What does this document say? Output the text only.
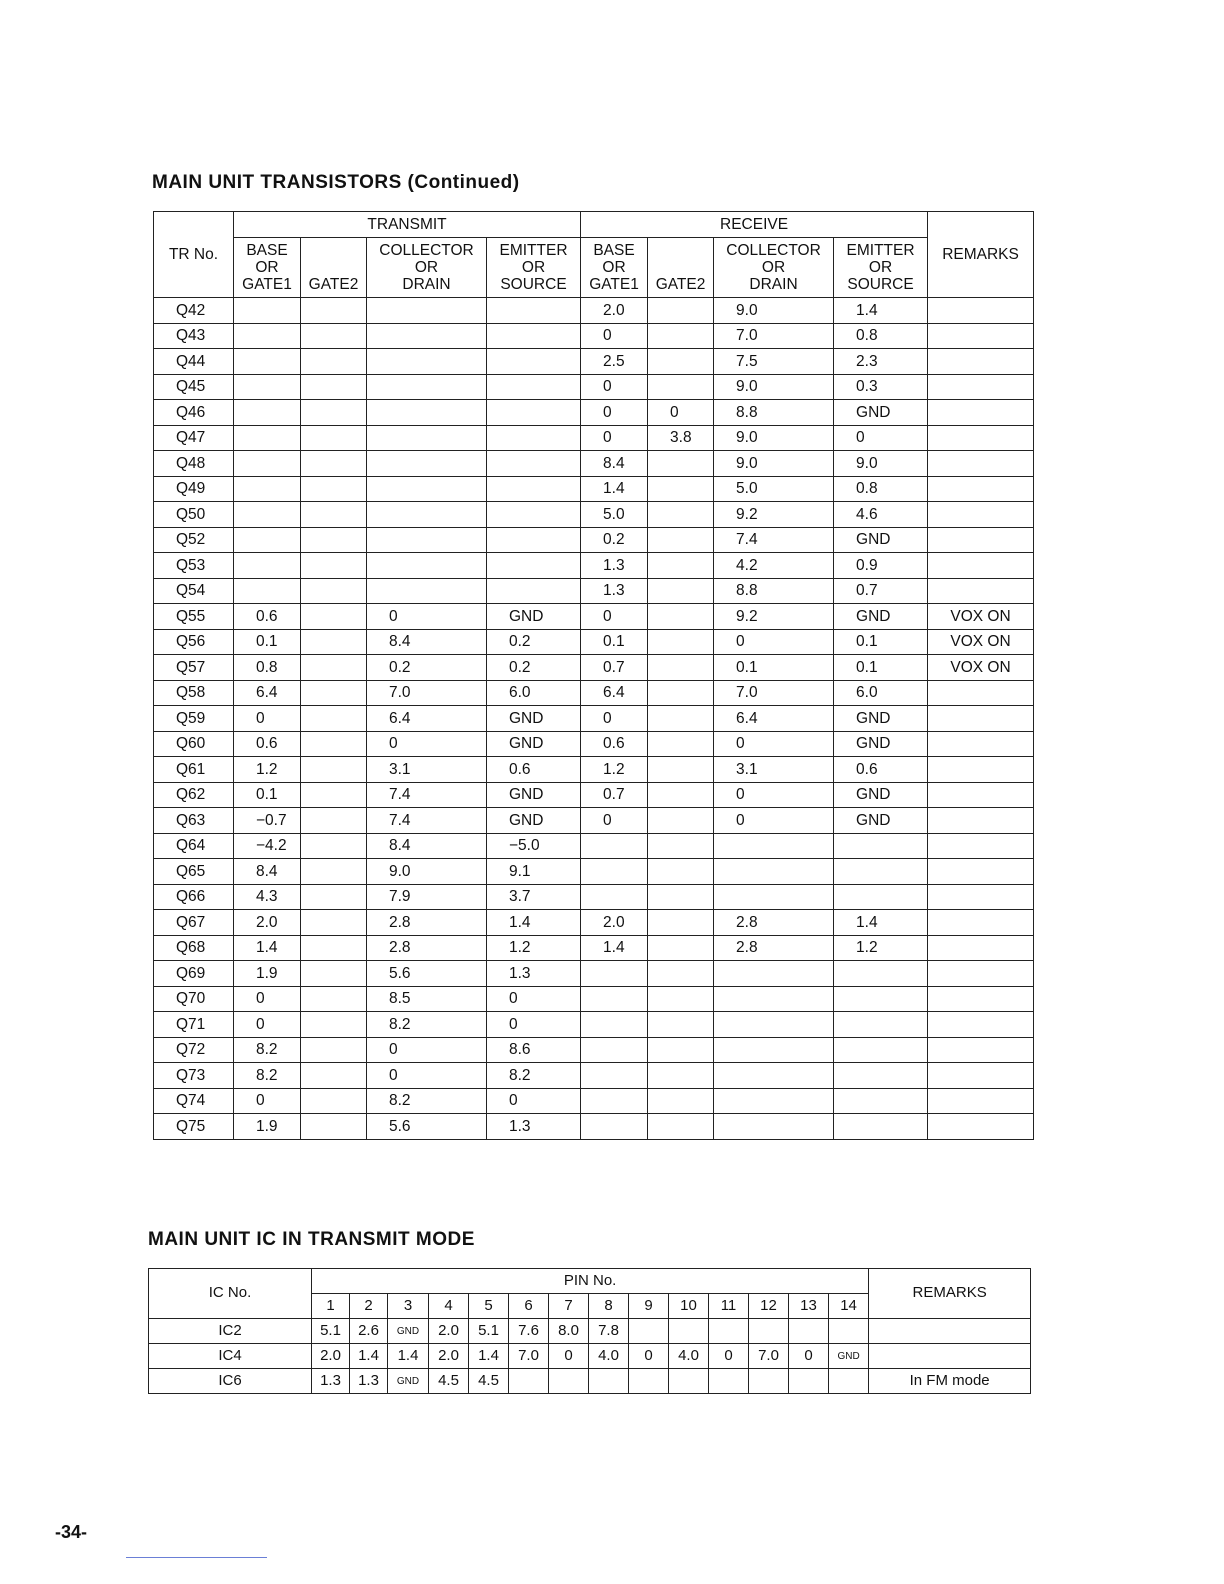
MAIN UNIT TRANSISTORS (Continued)
TR No.	TRANSMIT				RECEIVE				REMARKS

	BASE
OR
GATE1	GATE2	COLLECTOR
OR
DRAIN	EMITTER
OR
SOURCE	BASE
OR
GATE1	GATE2	COLLECTOR
OR
DRAIN	EMITTER
OR
SOURCE	

Q42					2.0		9.0	1.4	
Q43					0		7.0	0.8	
Q44					2.5		7.5	2.3	
Q45					0		9.0	0.3	
Q46					0	0	8.8	GND	
Q47					0	3.8	9.0	0	
Q48					8.4		9.0	9.0	
Q49					1.4		5.0	0.8	
Q50					5.0		9.2	4.6	
Q52					0.2		7.4	GND	
Q53					1.3		4.2	0.9	
Q54					1.3		8.8	0.7	
Q55	0.6		0	GND	0		9.2	GND	VOX ON
Q56	0.1		8.4	0.2	0.1		0	0.1	VOX ON
Q57	0.8		0.2	0.2	0.7		0.1	0.1	VOX ON
Q58	6.4		7.0	6.0	6.4		7.0	6.0	
Q59	0		6.4	GND	0		6.4	GND	
Q60	0.6		0	GND	0.6		0	GND	
Q61	1.2		3.1	0.6	1.2		3.1	0.6	
Q62	0.1		7.4	GND	0.7		0	GND	
Q63	−0.7		7.4	GND	0		0	GND	
Q64	−4.2		8.4	−5.0					
Q65	8.4		9.0	9.1					
Q66	4.3		7.9	3.7					
Q67	2.0		2.8	1.4	2.0		2.8	1.4	
Q68	1.4		2.8	1.2	1.4		2.8	1.2	
Q69	1.9		5.6	1.3					
Q70	0		8.5	0					
Q71	0		8.2	0					
Q72	8.2		0	8.6					
Q73	8.2		0	8.2					
Q74	0		8.2	0					
Q75	1.9		5.6	1.3					
MAIN UNIT IC IN TRANSMIT MODE
IC No.	PIN No.														REMARKS
	1	2	3	4	5	6	7	8	9	10	11	12	13	14	
IC2	5.1	2.6	GND	2.0	5.1	7.6	8.0	7.8							
IC4	2.0	1.4	1.4	2.0	1.4	7.0	0	4.0	0	4.0	0	7.0	0	GND	
IC6	1.3	1.3	GND	4.5	4.5										In FM mode
-34-
